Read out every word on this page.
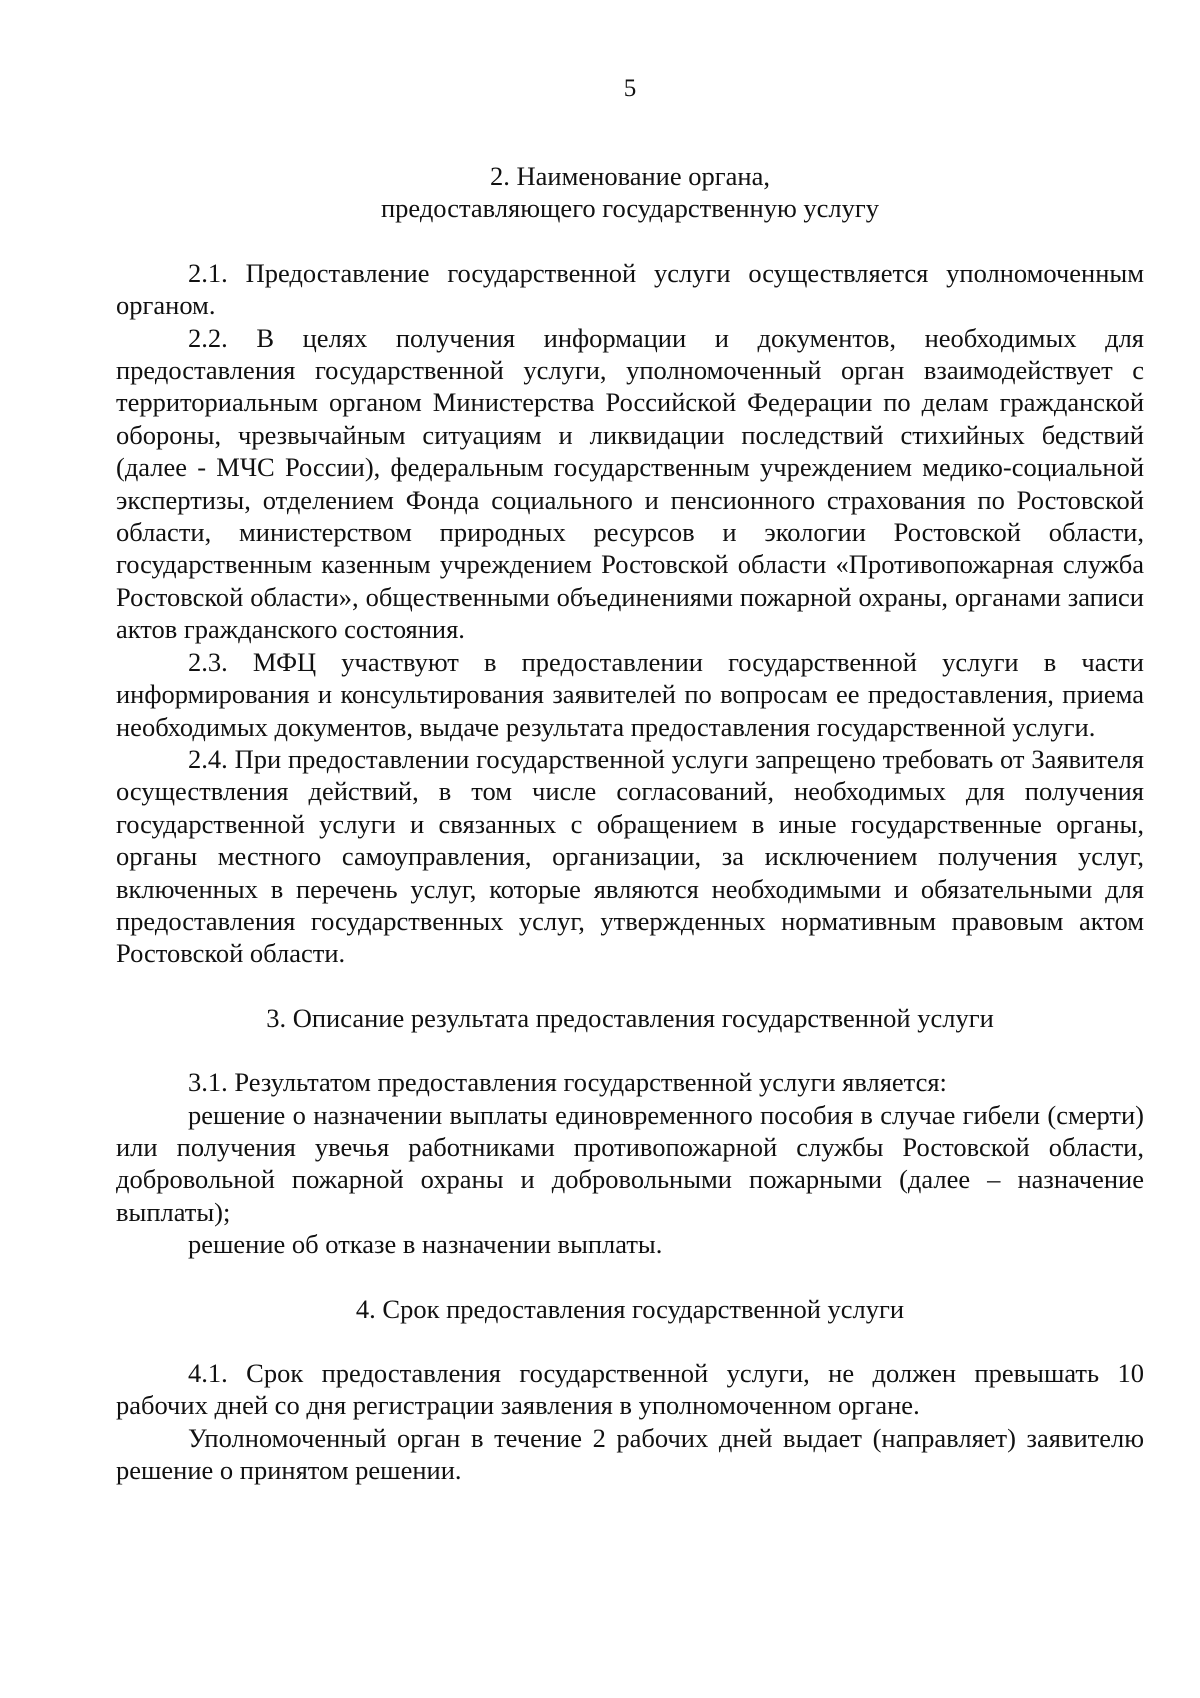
5
2. Наименование органа,
предоставляющего государственную услугу

2.1. Предоставление государственной услуги осуществляется уполномоченным органом.

2.2. В целях получения информации и документов, необходимых для предоставления государственной услуги, уполномоченный орган взаимодействует с территориальным органом Министерства Российской Федерации по делам гражданской обороны, чрезвычайным ситуациям и ликвидации последствий стихийных бедствий (далее - МЧС России), федеральным государственным учреждением медико-социальной экспертизы, отделением Фонда социального и пенсионного страхования по Ростовской области, министерством природных ресурсов и экологии Ростовской области, государственным казенным учреждением Ростовской области «Противопожарная служба Ростовской области», общественными объединениями пожарной охраны, органами записи актов гражданского состояния.

2.3. МФЦ участвуют в предоставлении государственной услуги в части информирования и консультирования заявителей по вопросам ее предоставления, приема необходимых документов, выдаче результата предоставления государственной услуги.

2.4. При предоставлении государственной услуги запрещено требовать от Заявителя осуществления действий, в том числе согласований, необходимых для получения государственной услуги и связанных с обращением в иные государственные органы, органы местного самоуправления, организации, за исключением получения услуг, включенных в перечень услуг, которые являются необходимыми и обязательными для предоставления государственных услуг, утвержденных нормативным правовым актом Ростовской области.

3. Описание результата предоставления государственной услуги

3.1. Результатом предоставления государственной услуги является:

решение о назначении выплаты единовременного пособия в случае гибели (смерти) или получения увечья работниками противопожарной службы Ростовской области, добровольной пожарной охраны и добровольными пожарными (далее – назначение выплаты);

решение об отказе в назначении выплаты.

4. Срок предоставления государственной услуги

4.1. Срок предоставления государственной услуги, не должен превышать 10 рабочих дней со дня регистрации заявления в уполномоченном органе.

Уполномоченный орган в течение 2 рабочих дней выдает (направляет) заявителю решение о принятом решении.
